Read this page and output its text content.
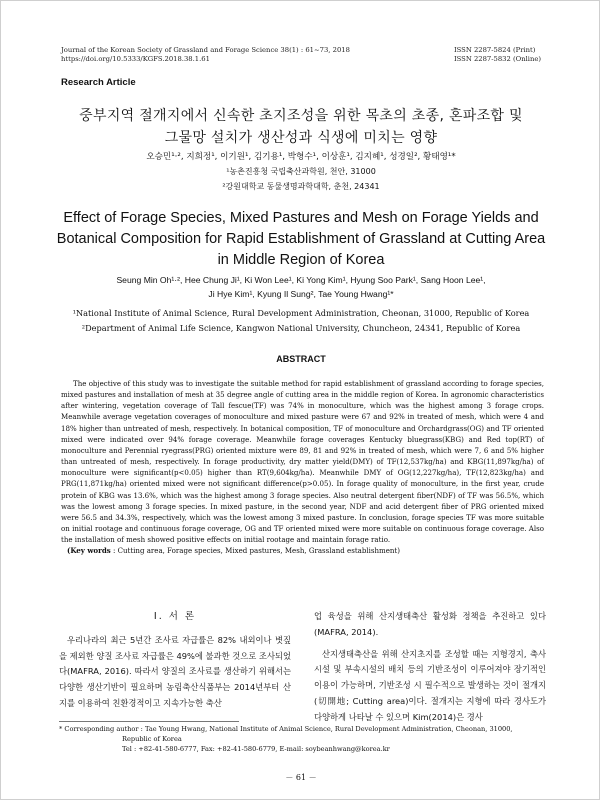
Journal of the Korean Society of Grassland and Forage Science 38(1) : 61~73, 2018
https://doi.org/10.5333/KGFS.2018.38.1.61
ISSN 2287-5824 (Print)
ISSN 2287-5832 (Online)
Research Article
중부지역 절개지에서 신속한 초지조성을 위한 목초의 초종, 혼파조합 및
그물망 설치가 생산성과 식생에 미치는 영향
오승민¹·², 지희정¹, 이기원¹, 김기용¹, 박형수¹, 이상훈¹, 김지혜¹, 성경일², 황태영¹*
¹농촌진흥청 국립축산과학원, 천안, 31000
²강원대학교 동물생명과학대학, 춘천, 24341
Effect of Forage Species, Mixed Pastures and Mesh on Forage Yields and
Botanical Composition for Rapid Establishment of Grassland at Cutting Area
in Middle Region of Korea
Seung Min Oh¹·², Hee Chung Ji¹, Ki Won Lee¹, Ki Yong Kim¹, Hyung Soo Park¹, Sang Hoon Lee¹,
Ji Hye Kim¹, Kyung Il Sung², Tae Young Hwang¹*
¹National Institute of Animal Science, Rural Development Administration, Cheonan, 31000, Republic of Korea
²Department of Animal Life Science, Kangwon National University, Chuncheon, 24341, Republic of Korea
ABSTRACT

The objective of this study was to investigate the suitable method for rapid establishment of grassland according to forage species, mixed pastures and installation of mesh at 35 degree angle of cutting area in the middle region of Korea. In agronomic characteristics after wintering, vegetation coverage of Tall fescue(TF) was 74% in monoculture, which was the highest among 3 forage crops. Meanwhile average vegetation coverages of monoculture and mixed pasture were 67 and 92% in treated of mesh, which were 4 and 18% higher than untreated of mesh, respectively. In botanical composition, TF of monoculture and Orchardgrass(OG) and TF oriented mixed were indicated over 94% forage coverage. Meanwhile forage coverages Kentucky bluegrass(KBG) and Red top(RT) of monoculture and Perennial ryegrass(PRG) oriented mixture were 89, 81 and 92% in treated of mesh, which were 7, 6 and 5% higher than untreated of mesh, respectively. In forage productivity, dry matter yield(DMY) of TF(12,537kg/ha) and KBG(11,897kg/ha) of monoculture were significant(p<0.05) higher than RT(9,604kg/ha). Meanwhile DMY of OG(12,227kg/ha), TF(12,823kg/ha) and PRG(11,871kg/ha) oriented mixed were not significant difference(p>0.05). In forage quality of monoculture, in the first year, crude protein of KBG was 13.6%, which was the highest among 3 forage species. Also neutral detergent fiber(NDF) of TF was 56.5%, which was the lowest among 3 forage species. In mixed pasture, in the second year, NDF and acid detergent fiber of PRG oriented mixed were 56.5 and 34.3%, respectively, which was the lowest among 3 mixed pasture. In conclusion, forage species TF was more suitable on initial rootage and continuous forage coverage, OG and TF oriented mixed were more suitable on continuous forage coverage. Also the installation of mesh showed positive effects on initial rootage and maintain forage ratio.

(Key words : Cutting area, Forage species, Mixed pastures, Mesh, Grassland establishment)

Ⅰ. 서 론

우리나라의 최근 5년간 조사료 자급률은 82% 내외이나 볏짚을 제외한 양질 조사료 자급률은 49%에 불과한 것으로 조사되었다(MAFRA, 2016). 따라서 양질의 조사료를 생산하기 위해서는 다양한 생산기반이 필요하며 농림축산식품부는 2014년부터 산지를 이용하여 친환경적이고 지속가능한 축산

업 육성을 위해 산지생태축산 활성화 정책을 추진하고 있다(MAFRA, 2014).

산지생태축산을 위해 산지초지를 조성할 때는 지형경지, 축사시설 및 부속시설의 배치 등의 기반조성이 이루어져야 장기적인 이용이 가능하며, 기반조성 시 필수적으로 발생하는 것이 절개지(切開地; Cutting area)이다. 절개지는 지형에 따라 경사도가 다양하게 나타날 수 있으며 Kim(2014)은 경사

* Corresponding author : Tae Young Hwang, National Institute of Animal Science, Rural Development Administration, Cheonan, 31000,
Republic of Korea
Tel : +82-41-580-6777, Fax: +82-41-580-6779, E-mail: soybeanhwang@korea.kr
－ 61 －
